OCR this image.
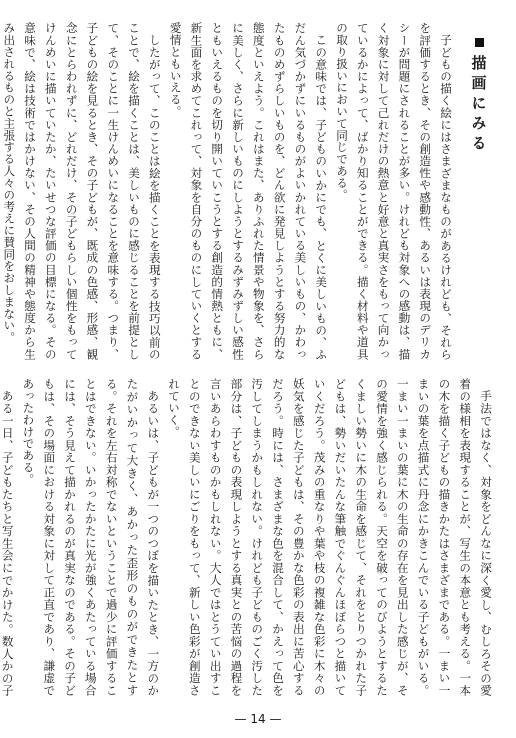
描画にみる

子どもの描く絵にはさまざまなものがあるけれども、それらを評価するとき、その創造性や感動性、あるいは表現のデリカシーが問題にされることが多い。けれども対象への感動は、描く対象に対して己れだけの熱意と好意と真実さをもって向かっているかによって、ばかり知ることができる。描く材料や道具の取り扱いにおいて同じである。

この意味では、子どものいかにでも、とくに美しいもの、ふだん気づかずにいるものがよいかれている美しいもの、かわったものめずらしいものを、どん欲に発見しようとする努力的な態度といえよう。これはまた、ありふれた情景や物象を、さらに美しく、さらに新しいものにしようとするみずみずしい感性ともいえるものを切り開いていこうとする創造的情熱ともに、新生面を求めてこれって、対象を自分のものにしていくとする愛情ともいえる。

したがって、このことは絵を描くことを表現する技巧以前のことで、絵を描くことは、美しいものに感じることを前提として、そのことに一生けんめいになることを意味する。つまり、子どもの絵を見るとき、その子どもが、既成の色感、形感、観念にとらわれずに、どれだけ、その子どもらしい個性をもってけんめいに描いていたか、たいせつな評価の目標になる。その意味で、絵は技術ではかけない、その人間の精神や態度から生み出されるものと主張する人々の考えに賛同をおしまない。

手法ではなく、対象をどんなに深く愛し、むしろその愛着の様相を表現することが、写生の本意とも考える。一本の木を描く子どもの描きかたはさまざまである。一まい一まいの葉を点描式に丹念にかきこんでいる子どもがいる。一まい一まいの葉に木の生命の存在を見出した感じが、その愛情を強く感じられる。天空を破ってのびようとするたくましい勢いに木の生命を感じて、それをとりつかれた子どもは、勢いだいたんな筆触でぐんぐんほぼらつと描いていくだろう。茂みの重なりや葉や枝の複雑な色彩に木々の妖気を感じた子どもは、その豊かな色彩の表出に苦心するだろう。時には、さまざまな色を混合して、かえって色を汚してしまうかもしれない。けれども子どものごく汚した部分は、子どもの表現しようとする真実との苦悩の過程を言いあらわすものかもしれない。大人ではとうてい出すことのできない美しいにごりをもって、新しい色彩が創造されていく。

あるいは、子どもが一つのつぼを描いたとき、一方のかたがいかって大きく、あかった歪形のものができたとする。それを左右対称でないということで過少に評価することはできない。いかったかたに光が強くあたっている場合には、そう見えて描かれるのが真実なのである。その子どもは、その場面における対象に対して正直であり、謙虚であったわけである。

ある一日、子どもたちと写生会にでかけた。数人かの子

— 14 —
